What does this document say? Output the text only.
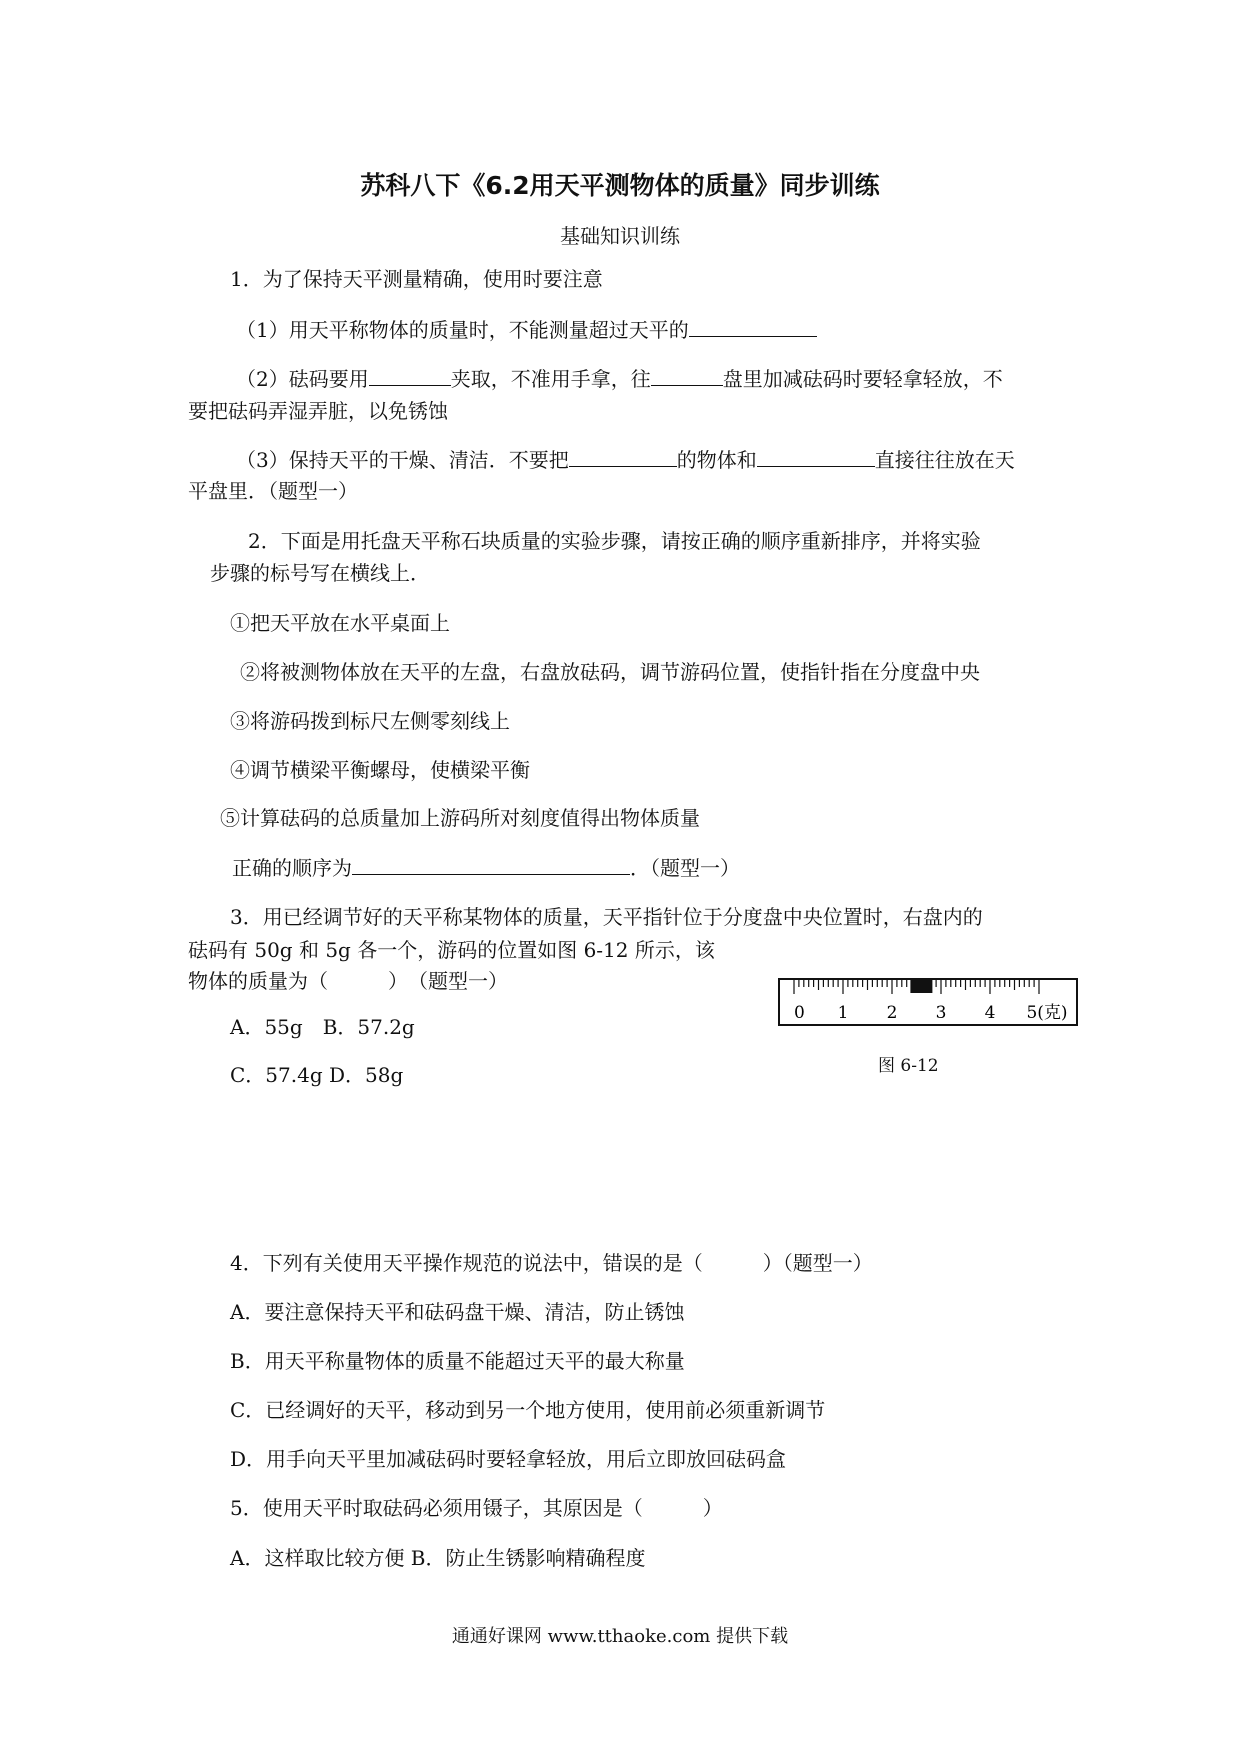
苏科八下《6.2用天平测物体的质量》同步训练
基础知识训练
1．为了保持天平测量精确，使用时要注意
（1）用天平称物体的质量时，不能测量超过天平的
（2）砝码要用	夹取，不准用手拿，往	盘里加减砝码时要轻拿轻放，不
要把砝码弄湿弄脏，以免锈蚀
（3）保持天平的干燥、清洁．不要把	的物体和	直接往往放在天
平盘里．（题型一）
2．下面是用托盘天平称石块质量的实验步骤，请按正确的顺序重新排序，并将实验
步骤的标号写在横线上．
①把天平放在水平桌面上
②将被测物体放在天平的左盘，右盘放砝码，调节游码位置，使指针指在分度盘中央
③将游码拨到标尺左侧零刻线上
④调节横梁平衡螺母，使横梁平衡
⑤计算砝码的总质量加上游码所对刻度值得出物体质量
正确的顺序为	．（题型一）
3．用已经调节好的天平称某物体的质量，天平指针位于分度盘中央位置时，右盘内的
砝码有 50g 和 5g 各一个，游码的位置如图 6-12 所示，该
物体的质量为（　　　）　（题型一）
A．55g　B．57.2g
C．57.4g D．58g
0 1 2 3 4 5(克)
图 6-12
4．下列有关使用天平操作规范的说法中，错误的是（　　　）（题型一）
A．要注意保持天平和砝码盘干燥、清洁，防止锈蚀
B．用天平称量物体的质量不能超过天平的最大称量
C．已经调好的天平，移动到另一个地方使用，使用前必须重新调节
D．用手向天平里加减砝码时要轻拿轻放，用后立即放回砝码盒
5．使用天平时取砝码必须用镊子，其原因是（　　　）
A．这样取比较方便 B．防止生锈影响精确程度
通通好课网 www.tthaoke.com 提供下载
